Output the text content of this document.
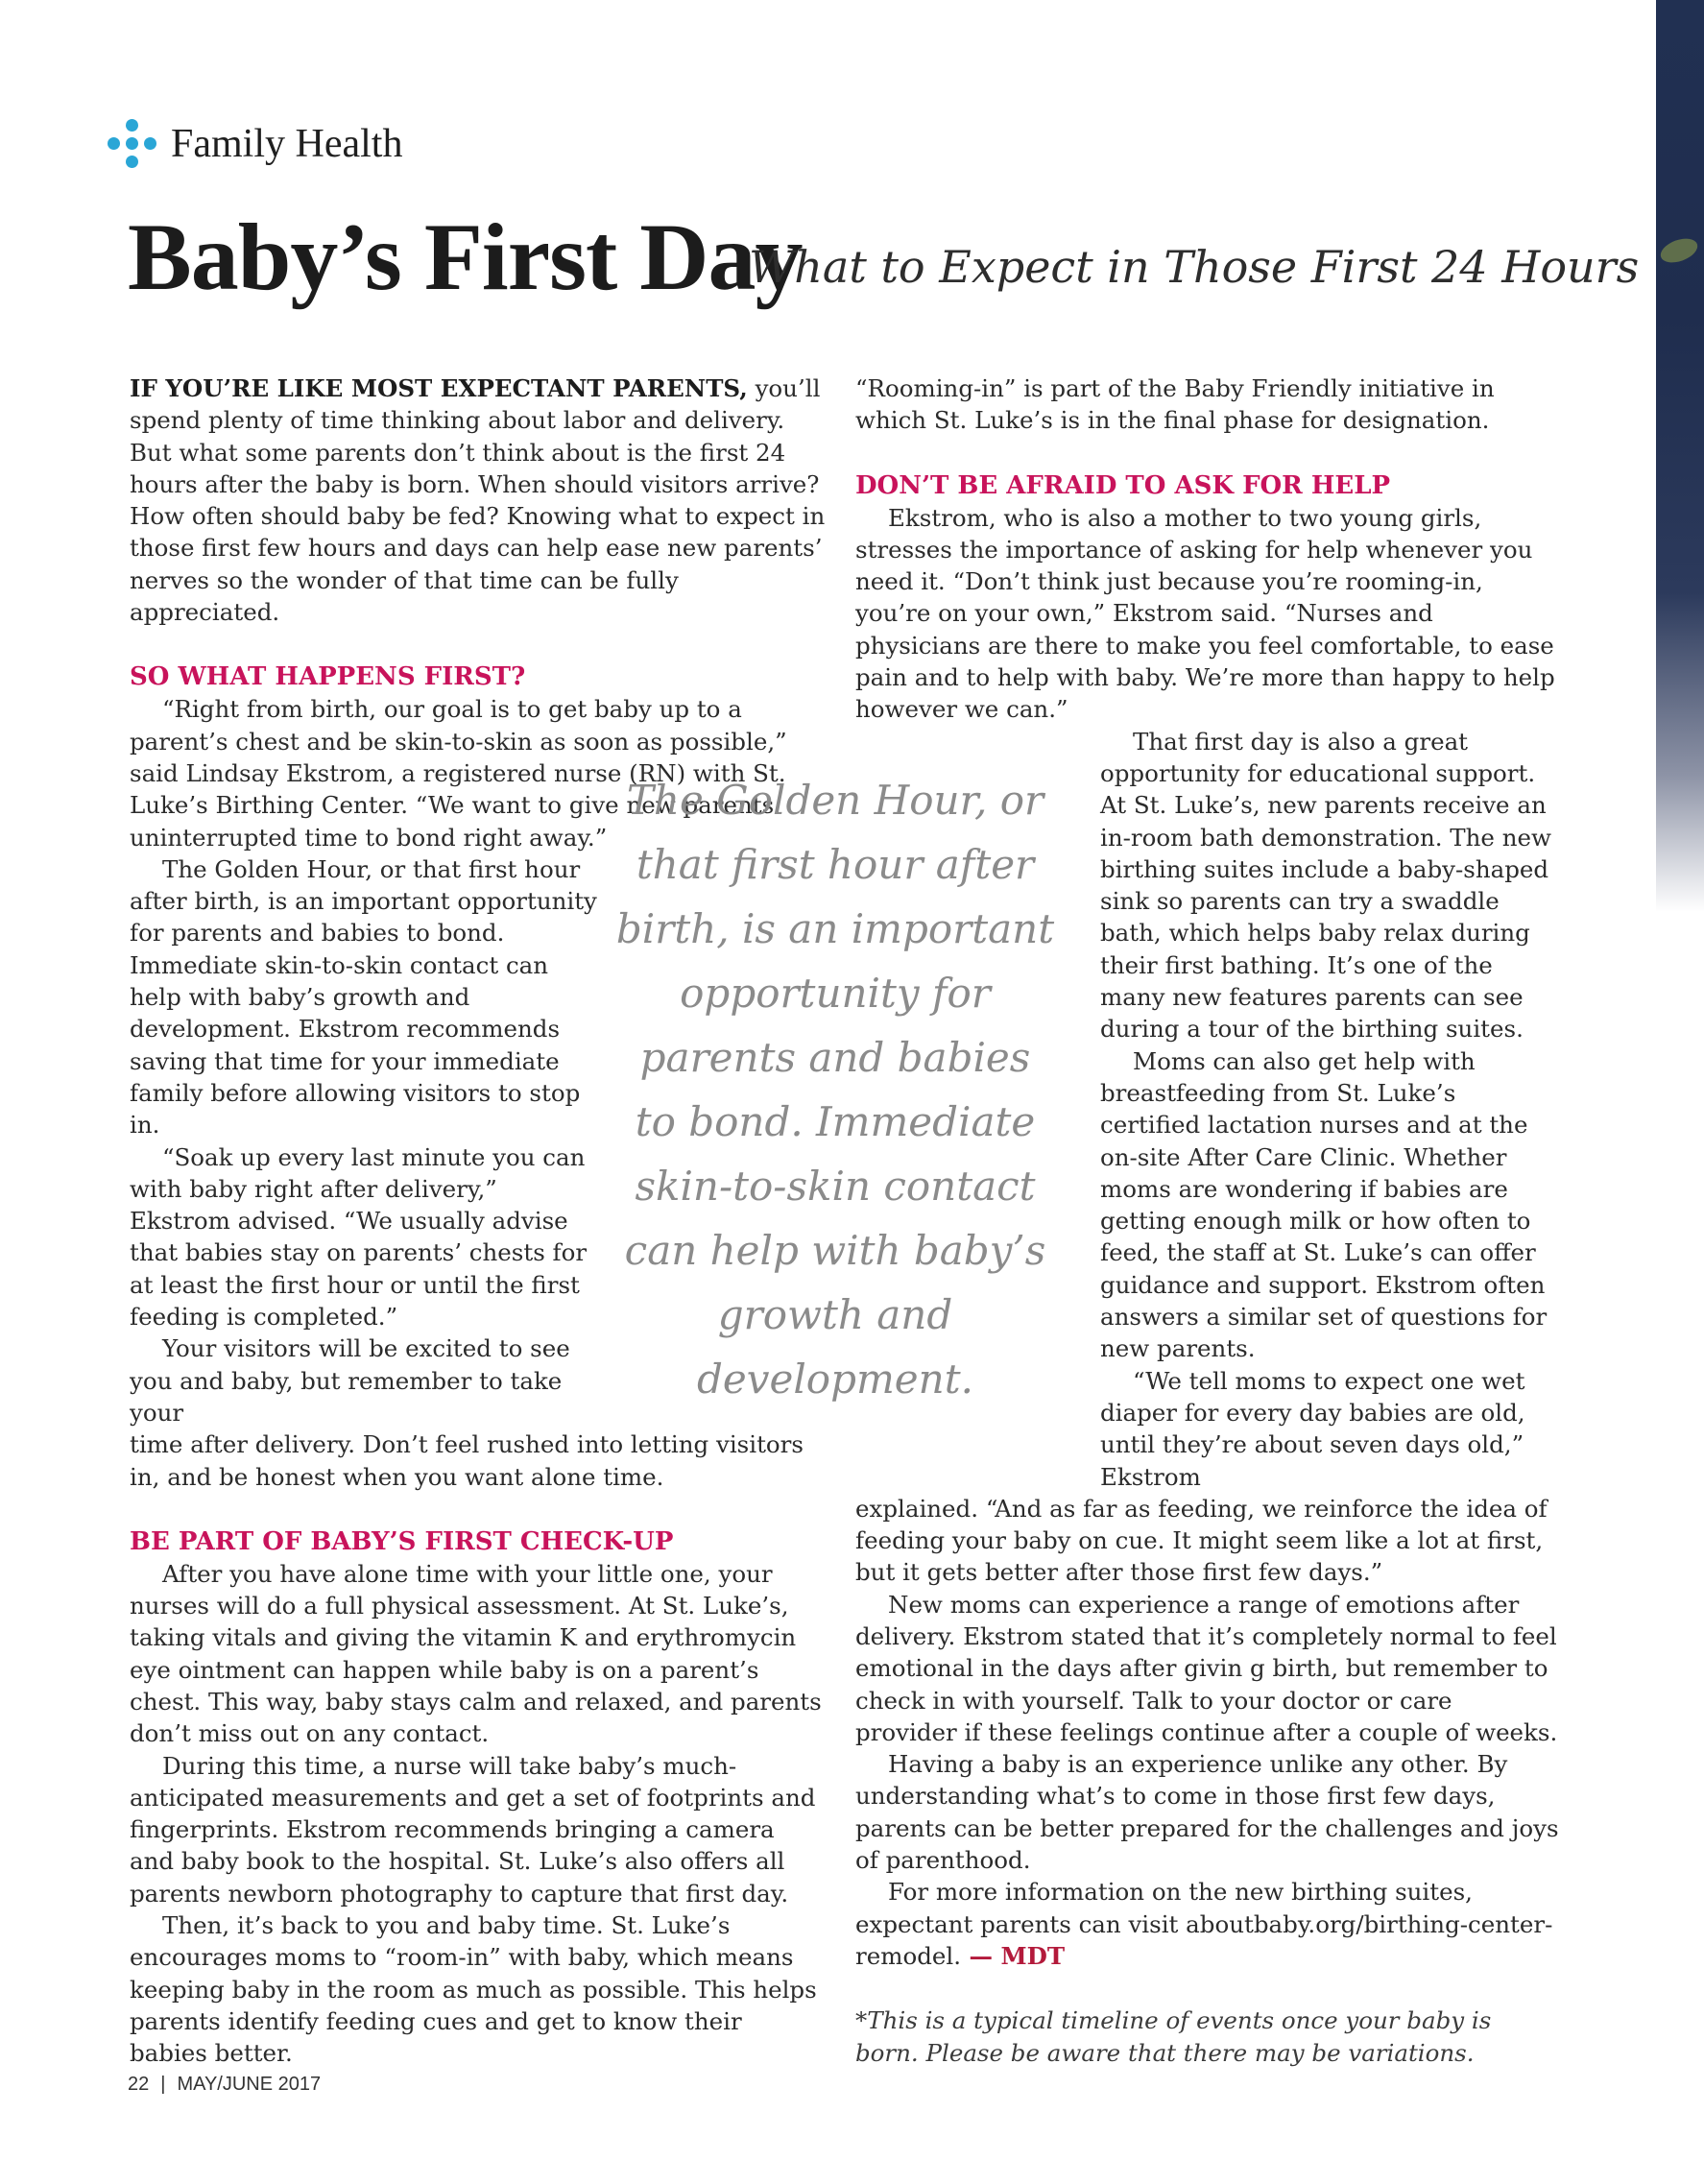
Family Health
Baby’s First Day
What to Expect in Those First 24 Hours

IF YOU’RE LIKE MOST EXPECTANT PARENTS, you’ll spend plenty of time thinking about labor and delivery. But what some parents don’t think about is the first 24 hours after the baby is born. When should visitors arrive? How often should baby be fed? Knowing what to expect in those first few hours and days can help ease new parents’ nerves so the wonder of that time can be fully appreciated.

SO WHAT HAPPENS FIRST?

“Right from birth, our goal is to get baby up to a parent’s chest and be skin-to-skin as soon as possible,” said Lindsay Ekstrom, a registered nurse (RN) with St. Luke’s Birthing Center. “We want to give new parents uninterrupted time to bond right away.”

The Golden Hour, or that first hour after birth, is an important opportunity for parents and babies to bond. Immediate skin-to-skin contact can help with baby’s growth and development. Ekstrom recommends saving that time for your immediate family before allowing visitors to stop in.

“Soak up every last minute you can with baby right after delivery,” Ekstrom advised. “We usually advise that babies stay on parents’ chests for at least the first hour or until the first feeding is completed.”

Your visitors will be excited to see you and baby, but remember to take your

time after delivery. Don’t feel rushed into letting visitors in, and be honest when you want alone time.

BE PART OF BABY’S FIRST CHECK-UP

After you have alone time with your little one, your nurses will do a full physical assessment. At St. Luke’s, taking vitals and giving the vitamin K and erythromycin eye ointment can happen while baby is on a parent’s chest. This way, baby stays calm and relaxed, and parents don’t miss out on any contact.

During this time, a nurse will take baby’s much-anticipated measurements and get a set of footprints and fingerprints. Ekstrom recommends bringing a camera and baby book to the hospital. St. Luke’s also offers all parents newborn photography to capture that first day.

Then, it’s back to you and baby time. St. Luke’s encourages moms to “room-in” with baby, which means keeping baby in the room as much as possible. This helps parents identify feeding cues and get to know their babies better.

“Rooming-in” is part of the Baby Friendly initiative in which St. Luke’s is in the final phase for designation.

DON’T BE AFRAID TO ASK FOR HELP

Ekstrom, who is also a mother to two young girls, stresses the importance of asking for help whenever you need it. “Don’t think just because you’re rooming-in, you’re on your own,” Ekstrom said. “Nurses and physicians are there to make you feel comfortable, to ease pain and to help with baby. We’re more than happy to help however we can.”

That first day is also a great opportunity for educational support. At St. Luke’s, new parents receive an in-room bath demonstration. The new birthing suites include a baby-shaped sink so parents can try a swaddle bath, which helps baby relax during their first bathing. It’s one of the many new features parents can see during a tour of the birthing suites.

Moms can also get help with breastfeeding from St. Luke’s certified lactation nurses and at the on-site After Care Clinic. Whether moms are wondering if babies are getting enough milk or how often to feed, the staff at St. Luke’s can offer guidance and support. Ekstrom often answers a similar set of questions for new parents.

“We tell moms to expect one wet diaper for every day babies are old, until they’re about seven days old,” Ekstrom

explained. “And as far as feeding, we reinforce the idea of feeding your baby on cue. It might seem like a lot at first, but it gets better after those first few days.”

New moms can experience a range of emotions after delivery. Ekstrom stated that it’s completely normal to feel emotional in the days after givin g birth, but remember to check in with yourself. Talk to your doctor or care provider if these feelings continue after a couple of weeks.

Having a baby is an experience unlike any other. By understanding what’s to come in those first few days, parents can be better prepared for the challenges and joys of parenthood.

For more information on the new birthing suites, expectant parents can visit aboutbaby.org/birthing-center-remodel. — MDT

*This is a typical timeline of events once your baby is born. Please be aware that there may be variations.

The Golden Hour, or that first hour after birth, is an important opportunity for parents and babies to bond. Immediate skin-to-skin contact can help with baby’s growth and development.
22 | MAY/JUNE 2017
